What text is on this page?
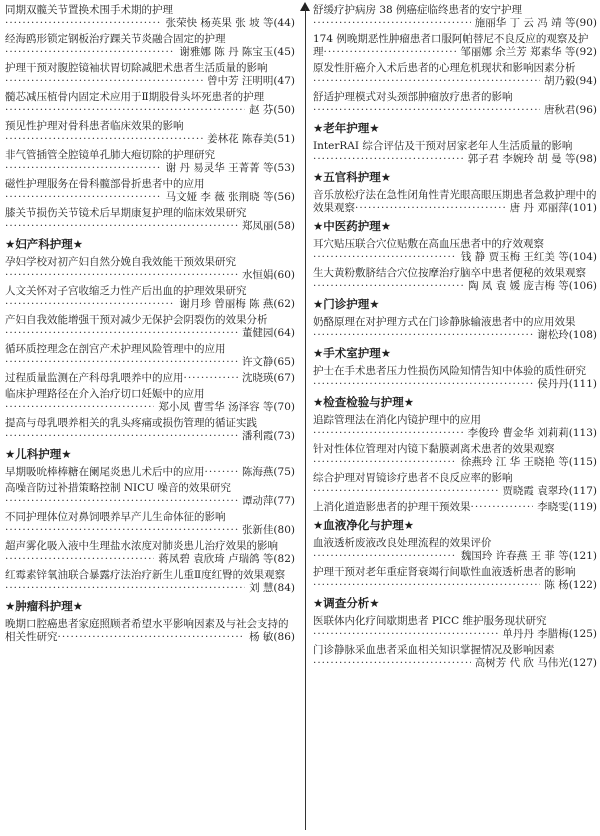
同期双髋关节置换术围手术期的护理
·····
张荣快 杨英果 张 坡 等(44)
经海鸥形锁定钢板治疗踝关节炎融合固定的护理
·····
谢雅娜 陈 丹 陈宝玉(45)
护理干预对腹腔镜袖状胃切除减肥术患者生活质量的影响
·····
曾中芳 汪明明(47)
髓芯减压植骨内固定术应用于Ⅱ期股骨头坏死患者的护理
·····
赵 芬(50)
预见性护理对骨科患者临床效果的影响
·····
姜林花 陈春美(51)
非气管插管全腔镜单孔肺大疱切除的护理研究
·····
谢 丹 易灵华 王菁菁 等(53)
磁性护理服务在骨科髋部骨折患者中的应用
·····
马文娅 李 薇 张荆晓 等(56)
膝关节损伤关节镜术后早期康复护理的临床效果研究
·····
郑凤丽(58)
★妇产科护理★
孕妇学校对初产妇自然分娩自我效能干预效果研究
·····
水恒娟(60)
人文关怀对子宫收缩乏力性产后出血的护理效果研究
·····
谢月珍 曾丽梅 陈 燕(62)
产妇自我效能增强干预对减少无保护会阴裂伤的效果分析
·····
董健园(64)
循环质控理念在剖宫产术护理风险管理中的应用
·····
许文静(65)
过程质量监测在产科母乳喂养中的应用 ·····	沈晓瑛(67)
临床护理路径在介入治疗切口妊娠中的应用
·····
郑小凤 曹雪华 汤泽容 等(70)
提高与母乳喂养相关的乳头疼痛或损伤管理的循证实践
·····
潘利霞(73)
★儿科护理★
早期吸吮棒棒糖在阑尾炎患儿术后中的应用 ·····	陈海燕(75)
高噪音防过补措策略控制 NICU 噪音的效果研究
·····
谭动萍(77)
不同护理体位对鼻饲喂养早产儿生命体征的影响
·····
张新佳(80)
超声雾化吸入液中生理盐水浓度对肺炎患儿治疗效果的影响
·····
蒋凤碧 袁欣琦 卢瑞鸽 等(82)
红霉素锌氧油联合暴露疗法治疗新生儿重Ⅱ度红臀的效果观察
·····
刘 慧(84)
★肿瘤科护理★
晚期口腔癌患者家庭照顾者希望水平影响因素及与社会支持的相关性研究 ·····	杨 敏(86)
舒缓疗护病房 38 例癌症临终患者的安宁护理
·····
施丽华 丁 云 冯 靖 等(90)
174 例晚期恶性肿瘤患者口服阿帕替尼不良反应的观察及护理 ·····	邹丽娜 余兰芳 郑素华 等(92)
原发性肝癌介入术后患者的心理危机现状和影响因素分析
·····
胡乃毅(94)
舒适护理模式对头颈部肿瘤放疗患者的影响
·····
唐秋君(96)
★老年护理★
InterRAI 综合评估及干预对居家老年人生活质量的影响
·····
郭子君 李婉玲 胡 曼 等(98)
★五官科护理★
音乐放松疗法在急性闭角性青光眼高眼压期患者急救护理中的效果观察 ·····	唐 丹 邓丽萍(101)
★中医药护理★
耳穴贴压联合穴位贴敷在高血压患者中的疗效观察
·····
钱 静 贾玉梅 王红美 等(104)
生大黄粉敷脐结合穴位按摩治疗脑卒中患者便秘的效果观察
·····
陶 凤 袁 媛 庞吉梅 等(106)
★门诊护理★
奶酪原理在对护理方式在门诊静脉输液患者中的应用效果
·····
谢松玲(108)
★手术室护理★
护士在手术患者压力性损伤风险知情告知中体验的质性研究
·····
侯丹丹(111)
★检查检验与护理★
追踪管理法在消化内镜护理中的应用
·····
李俊玲 曹金华 刘莉莉(113)
针对性体位管理对内镜下黏膜剥离术患者的效果观察
·····
徐燕玲 江 华 王晓艳 等(115)
综合护理对胃镜诊疗患者不良反应率的影响
·····
贾晓霞 袁翠玲(117)
上消化道造影患者的护理干预效果 ·····	李晓雯(119)
★血液净化与护理★
血液透析废液改良处理流程的效果评价
·····
魏国玲 许春燕 王 菲 等(121)
护理干预对老年重症肾衰竭行间歇性血液透析患者的影响
·····
陈 杨(122)
★调查分析★
医联体内化疗间歇期患者 PICC 维护服务现状研究
·····
单丹丹 李腊梅(125)
门诊静脉采血患者采血相关知识掌握情况及影响因素
·····
高树芳 代 欣 马伟光(127)
